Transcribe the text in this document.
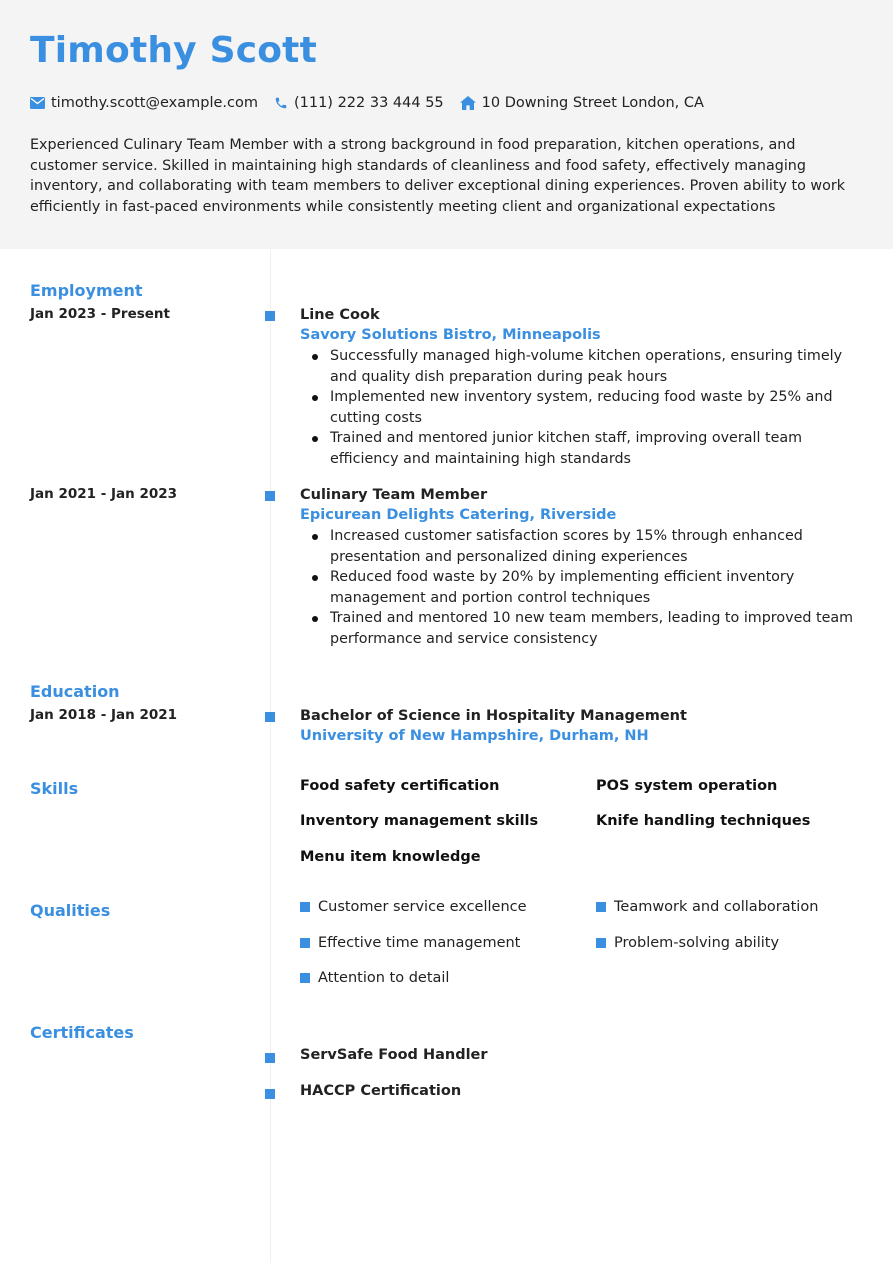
Timothy Scott
timothy.scott@example.com (111) 222 33 444 55	10 Downing Street London, CA

Experienced Culinary Team Member with a strong background in food preparation, kitchen operations, and customer service. Skilled in maintaining high standards of cleanliness and food safety, effectively managing inventory, and collaborating with team members to deliver exceptional dining experiences. Proven ability to work efficiently in fast-paced environments while consistently meeting client and organizational expectations

Employment
Jan 2023 - Present	Line Cook
Savory Solutions Bistro, Minneapolis
Successfully managed high-volume kitchen operations, ensuring timely and quality dish preparation during peak hours
Implemented new inventory system, reducing food waste by 25% and cutting costs
Trained and mentored junior kitchen staff, improving overall team efficiency and maintaining high standards
Jan 2021 - Jan 2023	Culinary Team Member
Epicurean Delights Catering, Riverside
Increased customer satisfaction scores by 15% through enhanced presentation and personalized dining experiences
Reduced food waste by 20% by implementing efficient inventory management and portion control techniques
Trained and mentored 10 new team members, leading to improved team performance and service consistency
Education
Jan 2018 - Jan 2021	Bachelor of Science in Hospitality Management
University of New Hampshire, Durham, NH
Skills	Food safety certification	POS system operation
Inventory management skills	Knife handling techniques
Menu item knowledge
Qualities	Customer service excellence	Teamwork and collaboration
Effective time management	Problem-solving ability
Attention to detail
Certificates
ServSafe Food Handler
HACCP Certification
